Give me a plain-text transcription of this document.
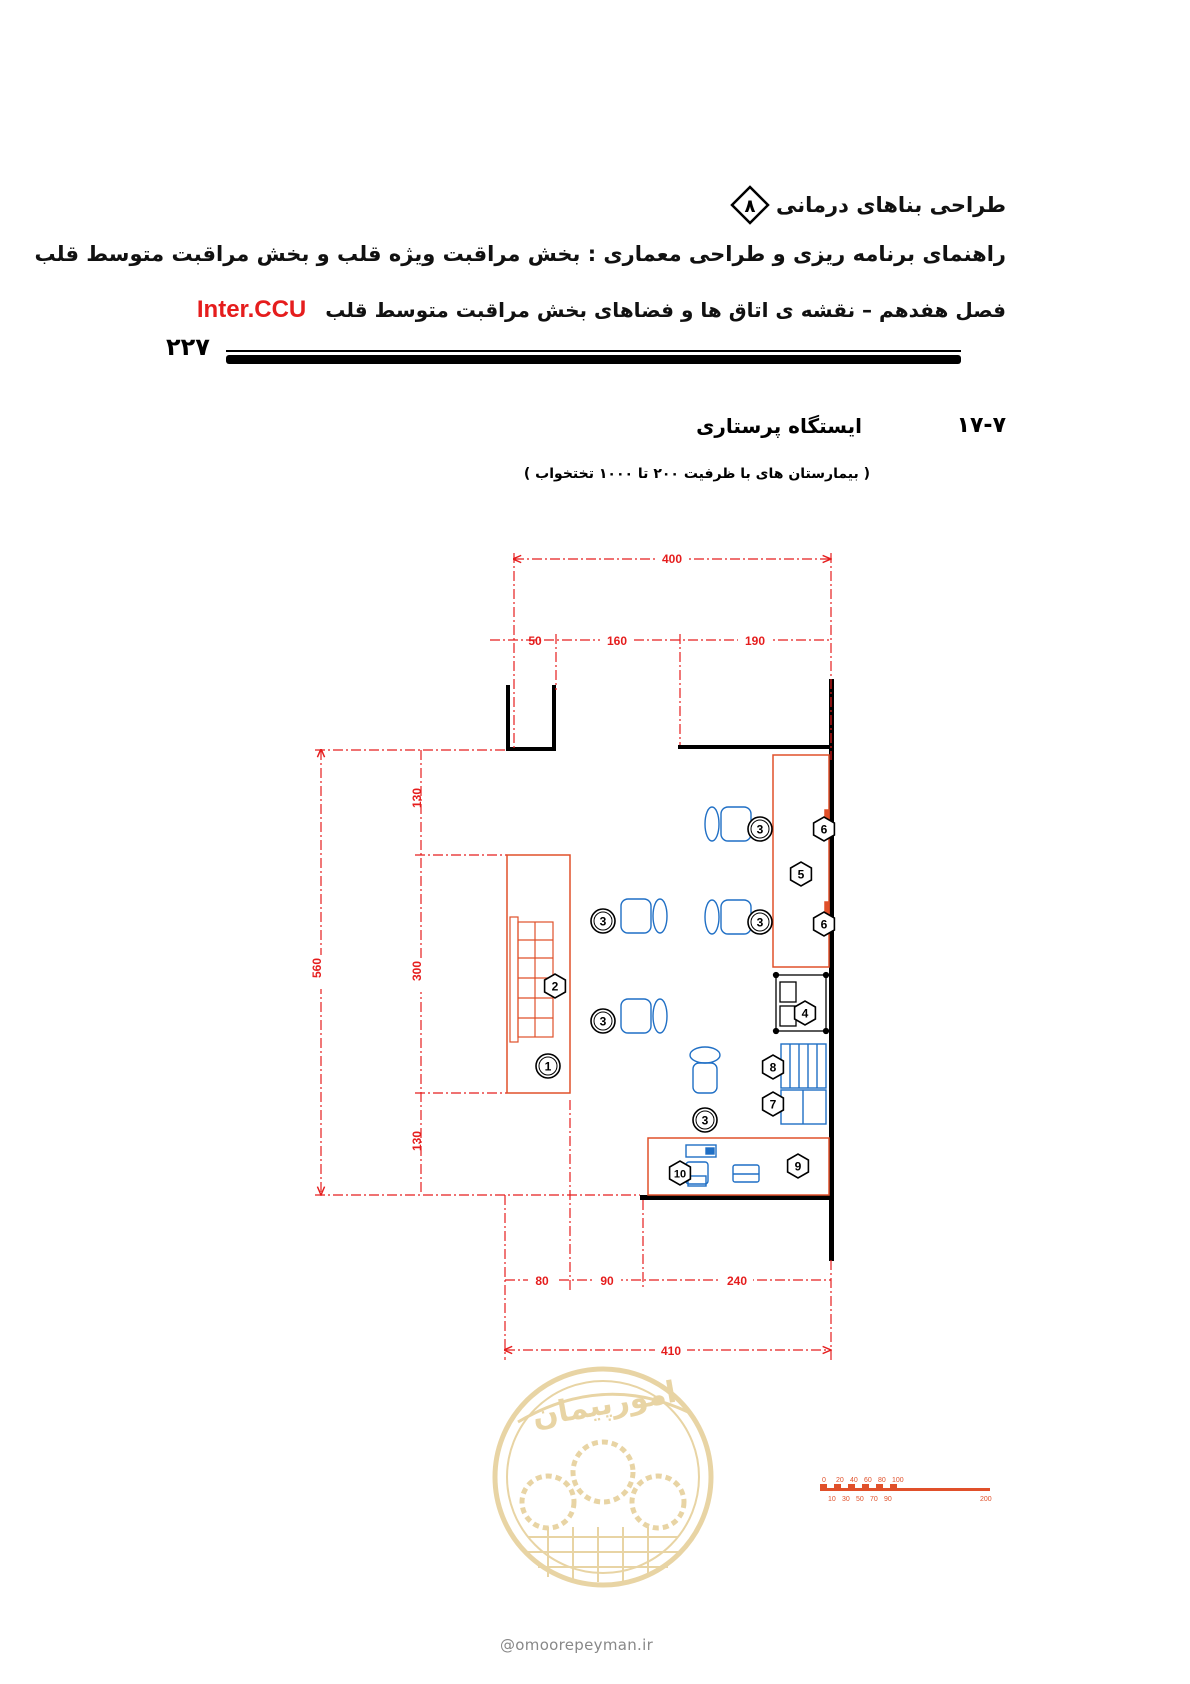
طراحی بناهای درمانی
۸
راهنمای برنامه ریزی و طراحی معماری : بخش مراقبت ویژه قلب و بخش مراقبت متوسط قلب
فصل هفدهم – نقشه ی اتاق ها و فضاهای بخش مراقبت متوسط قلب Inter.CCU
۲۲۷
۱۷-۷
ایستگاه پرستاری
( بیمارستان های با ظرفیت ۲۰۰ تا ۱۰۰۰ تختخواب )
400
50	160	190
560
130
300
130
80	90	240
410
1
2
3
3
3
3
3
4
5
6
6
7
8
9
10
امورپیمان
@omoorepeyman.ir
0 20 40 60 80 100
10 30 50 70 90	200
